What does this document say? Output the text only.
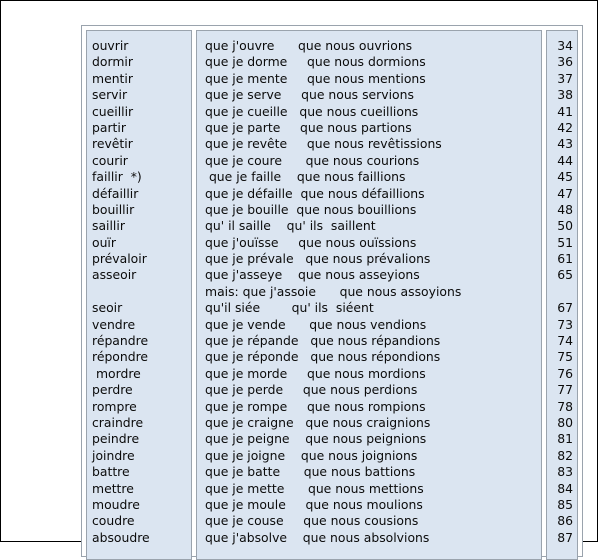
ouvrir
dormir
mentir
servir
cueillir
partir
revêtir
courir
faillir  *)
défaillir
bouillir
saillir
ouïr
prévaloir
asseoir
seoir
vendre
répandre
répondre
mordre
perdre
rompre
craindre
peindre
joindre
battre
mettre
moudre
coudre
absoudre
que j'ouvre      que nous ouvrions
que je dorme     que nous dormions
que je mente     que nous mentions
que je serve     que nous servions
que je cueille   que nous cueillions
que je parte     que nous partions
que je revête     que nous revêtissions
que je coure      que nous courions
que je faille    que nous faillions
que je défaille  que nous défaillions
que je bouille  que nous bouillions
qu' il saille    qu' ils  saillent
que j'ouïsse     que nous ouïssions
que je prévale   que nous prévalions
que j'asseye    que nous asseyions
mais: que j'assoie      que nous assoyions
qu'il siée        qu' ils  siéent
que je vende      que nous vendions
que je répande   que nous répandions
que je réponde   que nous répondions
que je morde     que nous mordions
que je perde     que nous perdions
que je rompe     que nous rompions
que je craigne   que nous craignions
que je peigne    que nous peignions
que je joigne    que nous joignions
que je batte      que nous battions
que je mette      que nous mettions
que je moule     que nous moulions
que je couse     que nous cousions
que j'absolve    que nous absolvions
34
36
37
38
41
42
43
44
45
47
48
50
51
61
65
67
73
74
75
76
77
78
80
81
82
83
84
85
86
87
